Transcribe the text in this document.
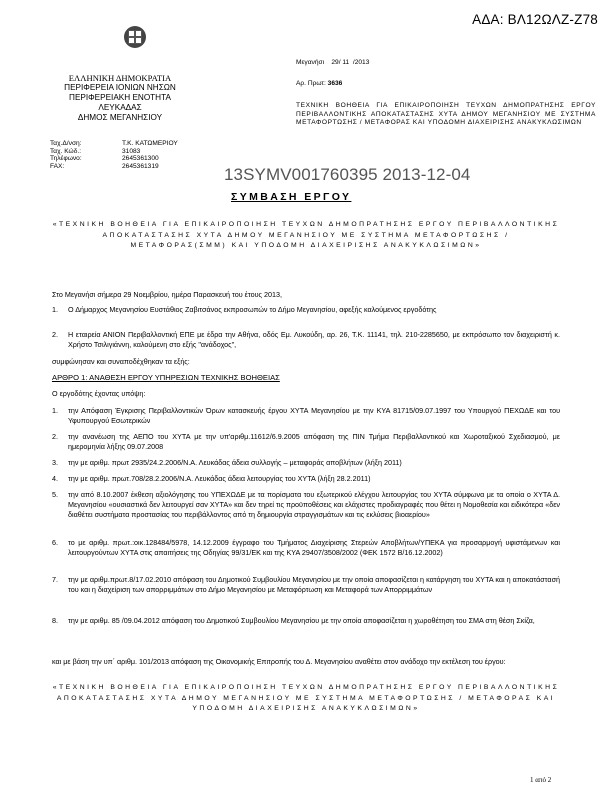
ΑΔΑ: ΒΛ12ΩΛΖ-Ζ78
ΕΛΛΗΝΙΚΗ ΔΗΜΟΚΡΑΤΙΑ
ΠΕΡΙΦΕΡΕΙΑ ΙΟΝΙΩΝ ΝΗΣΩΝ
ΠΕΡΙΦΕΡΕΙΑΚΗ ΕΝΟΤΗΤΑ
ΛΕΥΚΑΔΑΣ
ΔΗΜΟΣ ΜΕΓΑΝΗΣΙΟΥ
Ταχ.Δ/νση:	Τ.Κ. ΚΑΤΩΜΕΡΙΟΥ
Ταχ. Κώδ.:	31083
Τηλέφωνο:	2645361300
FAX:	2645361319
Μεγανήσι    29/ 11  /2013
Αρ. Πρωτ: 3636
ΤΕΧΝΙΚΗ ΒΟΗΘΕΙΑ ΓΙΑ ΕΠΙΚΑΙΡΟΠΟΙΗΣΗ ΤΕΥΧΩΝ ΔΗΜΟΠΡΑΤΗΣΗΣ ΕΡΓΟΥ ΠΕΡΙΒΑΛΛΟΝΤΙΚΗΣ ΑΠΟΚΑΤΑΣΤΑΣΗΣ ΧΥΤΑ ΔΗΜΟΥ ΜΕΓΑΝΗΣΙΟΥ ΜΕ ΣΥΣΤΗΜΑ ΜΕΤΑΦΟΡΤΩΣΗΣ / ΜΕΤΑΦΟΡΑΣ ΚΑΙ ΥΠΟΔΟΜΗ ΔΙΑΧΕΙΡΙΣΗΣ ΑΝΑΚΥΚΛΩΣΙΜΩΝ
13SYMV001760395 2013-12-04
ΣΥΜΒΑΣΗ ΕΡΓΟΥ
«ΤΕΧΝΙΚΗ ΒΟΗΘΕΙΑ ΓΙΑ ΕΠΙΚΑΙΡΟΠΟΙΗΣΗ ΤΕΥΧΩΝ ΔΗΜΟΠΡΑΤΗΣΗΣ ΕΡΓΟΥ ΠΕΡΙΒΑΛΛΟΝΤΙΚΗΣ ΑΠΟΚΑΤΑΣΤΑΣΗΣ ΧΥΤΑ ΔΗΜΟΥ ΜΕΓΑΝΗΣΙΟΥ ΜΕ ΣΥΣΤΗΜΑ ΜΕΤΑΦΟΡΤΩΣΗΣ / ΜΕΤΑΦΟΡΑΣ(ΣΜΜ) ΚΑΙ ΥΠΟΔΟΜΗ ΔΙΑΧΕΙΡΙΣΗΣ ΑΝΑΚΥΚΛΩΣΙΜΩΝ»
Στο Μεγανήσι σήμερα 29 Νοεμβρίου, ημέρα Παρασκευή του έτους 2013,
1.	Ο Δήμαρχος Μεγανησίου Ευστάθιος Ζαβιτσάνος εκπροσωπών το Δήμο Μεγανησίου, αφεξής καλούμενος εργοδότης
2.	Η εταιρεία ΑΝΙΟΝ Περιβαλλοντική ΕΠΕ με έδρα την Αθήνα, οδός Εμ. Λυκούδη, αρ. 26, Τ.Κ. 11141, τηλ. 210-2285650, με εκπρόσωπο τον διαχειριστή κ. Χρήστο Τσιλιγιάννη, καλούμενη στο εξής "ανάδοχος",
συμφώνησαν και συναποδέχθηκαν τα εξής:
ΑΡΘΡΟ 1: ΑΝΑΘΕΣΗ ΕΡΓΟΥ ΥΠΗΡΕΣΙΩΝ ΤΕΧΝΙΚΗΣ ΒΟΗΘΕΙΑΣ
Ο εργοδότης έχοντας υπόψη:
1.	την Απόφαση Έγκρισης Περιβαλλοντικών Όρων κατασκευής έργου ΧΥΤΑ Μεγανησίου με την ΚΥΑ 81715/09.07.1997 του Υπουργού ΠΕΧΩΔΕ και του Υφυπουργού Εσωτερικών
2.	την ανανέωση της ΑΕΠΟ του ΧΥΤΑ με την υπ'αριθμ.11612/6.9.2005 απόφαση της ΠΙΝ Τμήμα Περιβαλλοντικού και Χωροταξικού Σχεδιασμού, με ημερομηνία λήξης 09.07.2008
3.	την με αριθμ. πρωτ 2935/24.2.2006/Ν.Α. Λευκάδας άδεια συλλογής – μεταφοράς αποβλήτων (λήξη 2011)
4.	την με αριθμ. πρωτ.708/28.2.2006/Ν.Α. Λευκάδας άδεια λειτουργίας του ΧΥΤΑ (λήξη 28.2.2011)
5.	την από 8.10.2007 έκθεση αξιολόγησης του ΥΠΕΧΩΔΕ με τα πορίσματα του εξωτερικού ελέγχου λειτουργίας του ΧΥΤΑ σύμφωνα με τα οποία ο ΧΥΤΑ Δ. Μεγανησίου «ουσιαστικά δεν λειτουργεί σαν ΧΥΤΑ» και δεν τηρεί τις προϋποθέσεις και ελάχιστες προδιαγραφές που θέτει η Νομοθεσία και ειδικότερα «δεν διαθέτει συστήματα προστασίας του περιβάλλοντος από τη δημιουργία στραγγισμάτων και τις εκλύσεις βιοαερίου»
6.	το με αριθμ. πρωτ.:οικ.128484/5978, 14.12.2009 έγγραφο του Τμήματος Διαχείρισης Στερεών Αποβλήτων/ΥΠΕΚΑ για προσαρμογή υφιστάμενων και λειτουργούντων ΧΥΤΑ στις απαιτήσεις της Οδηγίας 99/31/ΕΚ και της ΚΥΑ 29407/3508/2002 (ΦΕΚ 1572 Β/16.12.2002)
7.	την με αριθμ.πρωτ.8/17.02.2010 απόφαση του Δημοτικού Συμβουλίου Μεγανησίου με την οποία αποφασίζεται η κατάργηση του ΧΥΤΑ και η αποκατάστασή του και η διαχείριση των απορριμμάτων στο Δήμο Μεγανησίου με Μεταφόρτωση και Μεταφορά των Απορριμμάτων
8.	την με αριθμ. 85 /09.04.2012 απόφαση του Δημοτικού Συμβουλίου Μεγανησίου με την οποία αποφασίζεται η χωροθέτηση του ΣΜΑ στη θέση Σκίζα,
και με βάση την υπ΄ αριθμ. 101/2013 απόφαση της Οικονομικής Επιτροπής του Δ. Μεγανησίου αναθέτει στον ανάδοχο την εκτέλεση του έργου:
«ΤΕΧΝΙΚΗ ΒΟΗΘΕΙΑ ΓΙΑ ΕΠΙΚΑΙΡΟΠΟΙΗΣΗ ΤΕΥΧΩΝ ΔΗΜΟΠΡΑΤΗΣΗΣ ΕΡΓΟΥ ΠΕΡΙΒΑΛΛΟΝΤΙΚΗΣ ΑΠΟΚΑΤΑΣΤΑΣΗΣ ΧΥΤΑ ΔΗΜΟΥ ΜΕΓΑΝΗΣΙΟΥ ΜΕ ΣΥΣΤΗΜΑ ΜΕΤΑΦΟΡΤΩΣΗΣ / ΜΕΤΑΦΟΡΑΣ ΚΑΙ ΥΠΟΔΟΜΗ ΔΙΑΧΕΙΡΙΣΗΣ ΑΝΑΚΥΚΛΩΣΙΜΩΝ»
1 από 2
